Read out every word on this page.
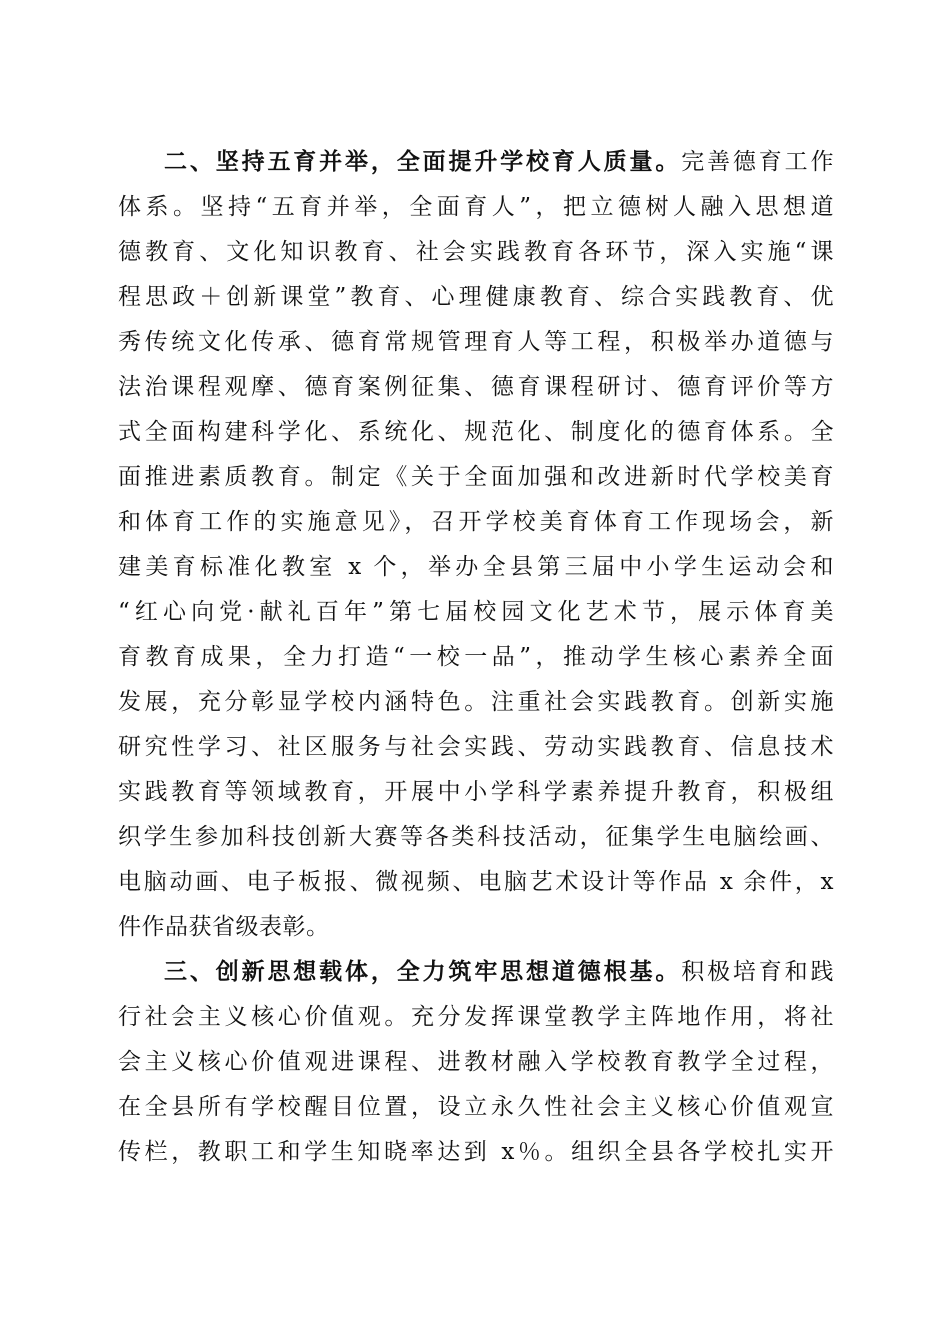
二、坚持五育并举，全面提升学校育人质量。完善德育工作
体系。坚持“五育并举，全面育人”，把立德树人融入思想道
德教育、文化知识教育、社会实践教育各环节，深入实施“课
程思政＋创新课堂”教育、心理健康教育、综合实践教育、优
秀传统文化传承、德育常规管理育人等工程，积极举办道德与
法治课程观摩、德育案例征集、德育课程研讨、德育评价等方
式全面构建科学化、系统化、规范化、制度化的德育体系。全
面推进素质教育。制定《关于全面加强和改进新时代学校美育
和体育工作的实施意见》，召开学校美育体育工作现场会，新
建美育标准化教室 x 个，举办全县第三届中小学生运动会和
“红心向党·献礼百年”第七届校园文化艺术节，展示体育美
育教育成果，全力打造“一校一品”，推动学生核心素养全面
发展，充分彰显学校内涵特色。注重社会实践教育。创新实施
研究性学习、社区服务与社会实践、劳动实践教育、信息技术
实践教育等领域教育，开展中小学科学素养提升教育，积极组
织学生参加科技创新大赛等各类科技活动，征集学生电脑绘画、
电脑动画、电子板报、微视频、电脑艺术设计等作品 x 余件，x
件作品获省级表彰。
三、创新思想载体，全力筑牢思想道德根基。积极培育和践
行社会主义核心价值观。充分发挥课堂教学主阵地作用，将社
会主义核心价值观进课程、进教材融入学校教育教学全过程，
在全县所有学校醒目位置，设立永久性社会主义核心价值观宣
传栏，教职工和学生知晓率达到 x％。组织全县各学校扎实开
